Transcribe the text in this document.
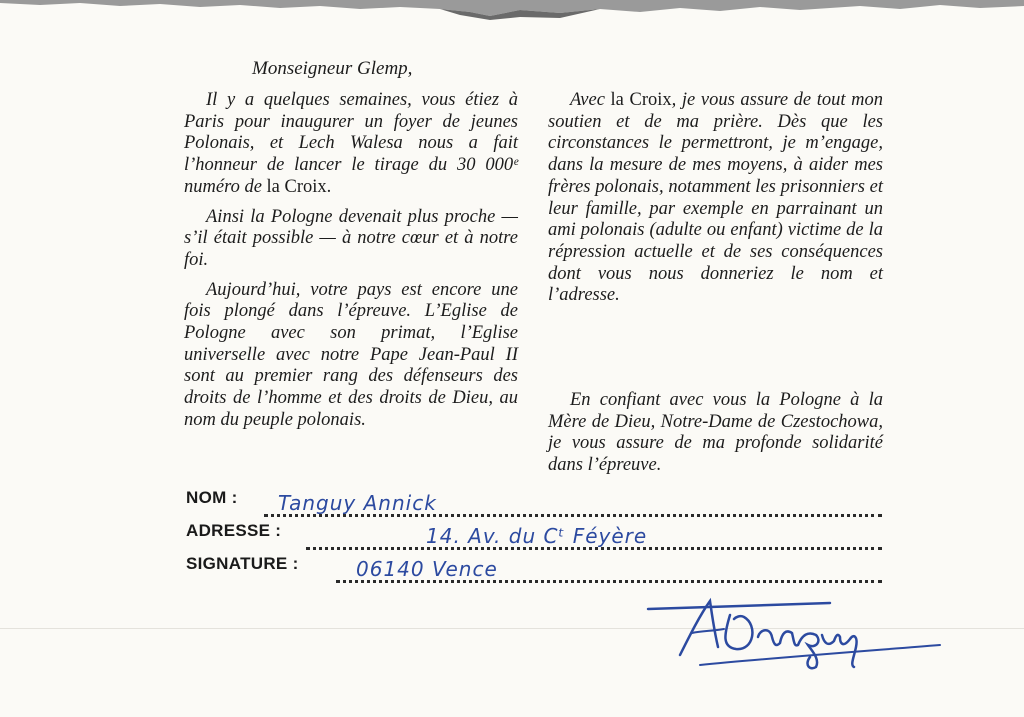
Monseigneur Glemp,

Il y a quelques semaines, vous étiez à Paris pour inaugurer un foyer de jeunes Polonais, et Lech Walesa nous a fait l’honneur de lancer le tirage du 30 000ᵉ numéro de la Croix.

Ainsi la Pologne devenait plus proche — s’il était possible — à notre cœur et à notre foi.

Aujourd’hui, votre pays est encore une fois plongé dans l’épreuve. L’Eglise de Pologne avec son primat, l’Eglise universelle avec notre Pape Jean-Paul II sont au premier rang des défenseurs des droits de l’homme et des droits de Dieu, au nom du peuple polonais.

Avec la Croix, je vous assure de tout mon soutien et de ma prière. Dès que les circonstances le permettront, je m’engage, dans la mesure de mes moyens, à aider mes frères polonais, notamment les prisonniers et leur famille, par exemple en parrainant un ami polonais (adulte ou enfant) victime de la répression actuelle et de ses conséquences dont vous nous donneriez le nom et l’adresse.

En confiant avec vous la Pologne à la Mère de Dieu, Notre-Dame de Czestochowa, je vous assure de ma profonde solidarité dans l’épreuve.
NOM : Tanguy Annick
ADRESSE :	14. Av. du Cᵗ Féyère
SIGNATURE :	06140 Vence
